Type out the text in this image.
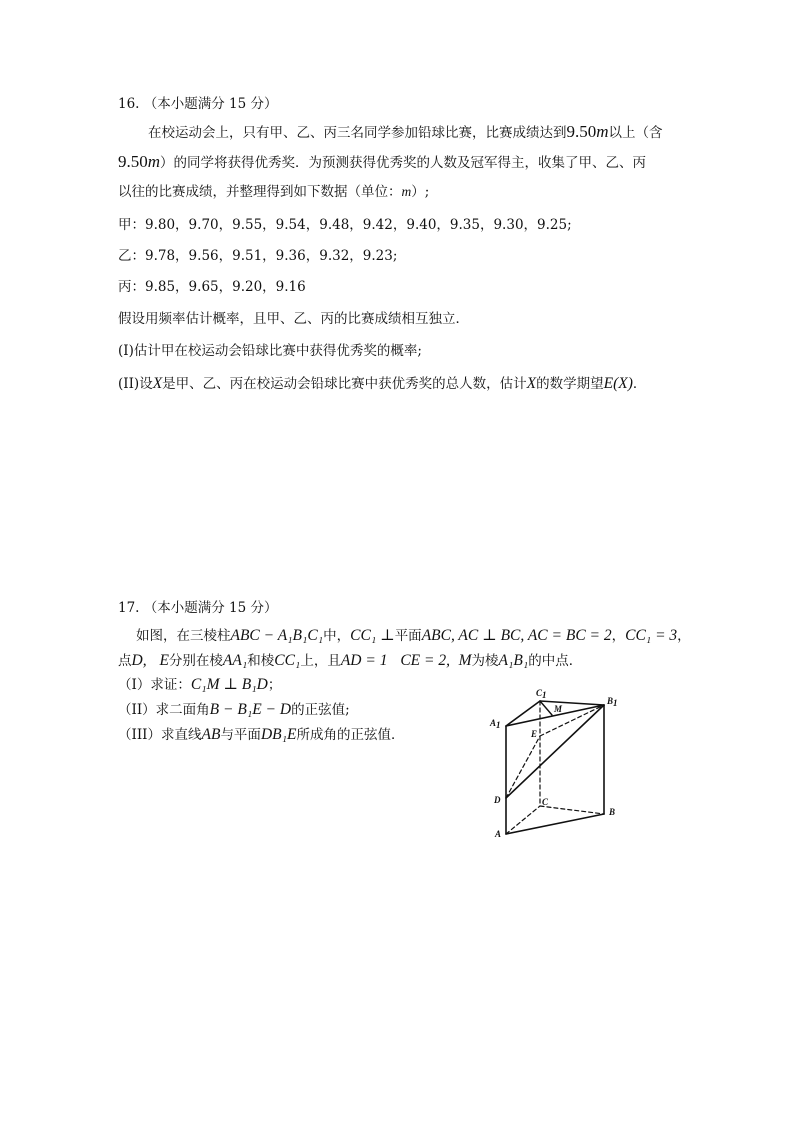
16. （本小题满分 15 分）
在校运动会上，只有甲、乙、丙三名同学参加铅球比赛，比赛成绩达到9.50m以上（含
9.50m）的同学将获得优秀奖．为预测获得优秀奖的人数及冠军得主，收集了甲、乙、丙
以往的比赛成绩，并整理得到如下数据（单位：m）;
甲：9.80，9.70，9.55，9.54，9.48，9.42，9.40，9.35，9.30，9.25;
乙：9.78，9.56，9.51，9.36，9.32，9.23;
丙：9.85，9.65，9.20，9.16
假设用频率估计概率，且甲、乙、丙的比赛成绩相互独立．
(I)估计甲在校运动会铅球比赛中获得优秀奖的概率;
(II)设X是甲、乙、丙在校运动会铅球比赛中获优秀奖的总人数，估计X的数学期望E(X)．
17. （本小题满分 15 分）
如图，在三棱柱ABC − A₁B₁C₁中，CC₁ ⊥平面ABC, AC ⊥ BC, AC = BC = 2，CC₁ = 3，
点D, E分别在棱AA₁和棱CC₁上，且AD = 1 CE = 2, M为棱A₁B₁的中点．
（I）求证：C₁M ⊥ B₁D；
（II）求二面角B − B₁E − D的正弦值;
（III）求直线AB与平面DB₁E所成角的正弦值．
C1
B1
A1
M
E
D	C
B
A
